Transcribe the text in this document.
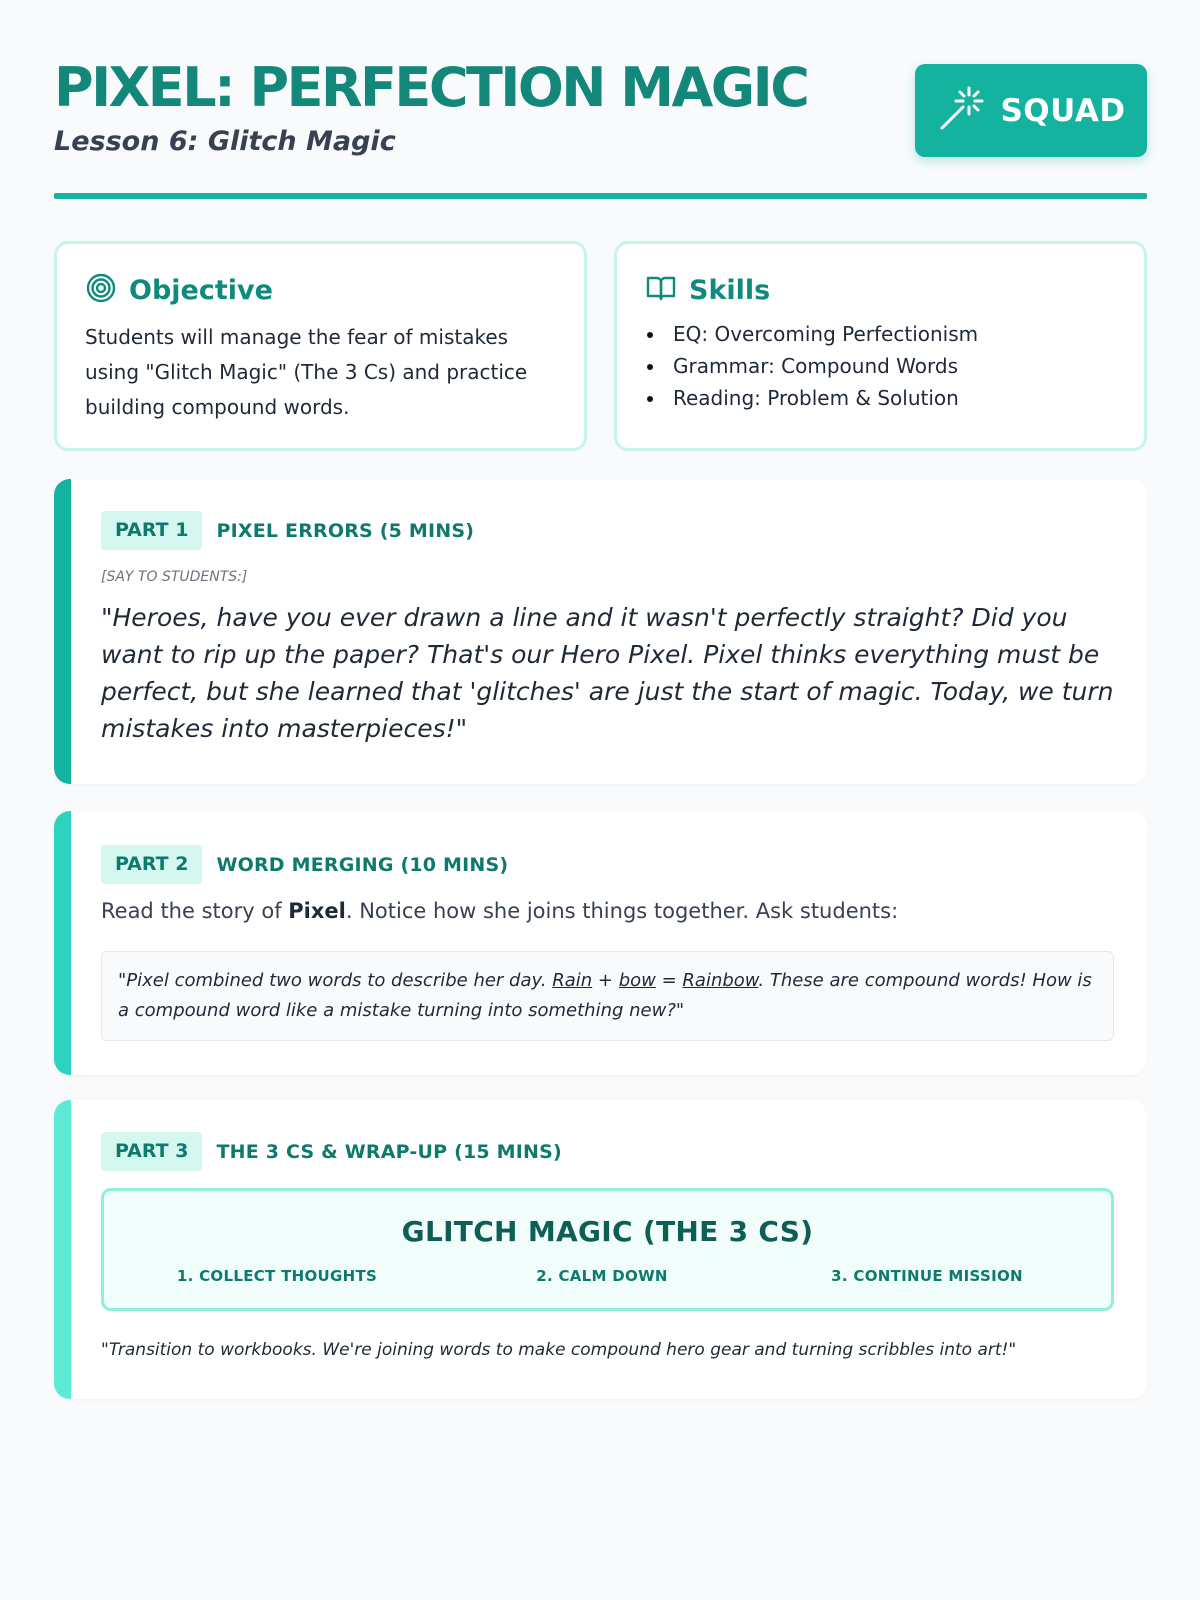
PIXEL: PERFECTION MAGIC
Lesson 6: Glitch Magic
SQUAD
Objective
Students will manage the fear of mistakes using "Glitch Magic" (The 3 Cs) and practice building compound words.
Skills
EQ: Overcoming Perfectionism
Grammar: Compound Words
Reading: Problem & Solution
PART 1	PIXEL ERRORS (5 MINS)
[SAY TO STUDENTS:]
"Heroes, have you ever drawn a line and it wasn't perfectly straight? Did you want to rip up the paper? That's our Hero Pixel. Pixel thinks everything must be perfect, but she learned that 'glitches' are just the start of magic. Today, we turn mistakes into masterpieces!"
PART 2	WORD MERGING (10 MINS)
Read the story of Pixel. Notice how she joins things together. Ask students:
"Pixel combined two words to describe her day. Rain + bow = Rainbow. These are compound words! How is a compound word like a mistake turning into something new?"
PART 3	THE 3 CS & WRAP-UP (15 MINS)
GLITCH MAGIC (THE 3 CS)
1. COLLECT THOUGHTS	2. CALM DOWN	3. CONTINUE MISSION
"Transition to workbooks. We're joining words to make compound hero gear and turning scribbles into art!"
